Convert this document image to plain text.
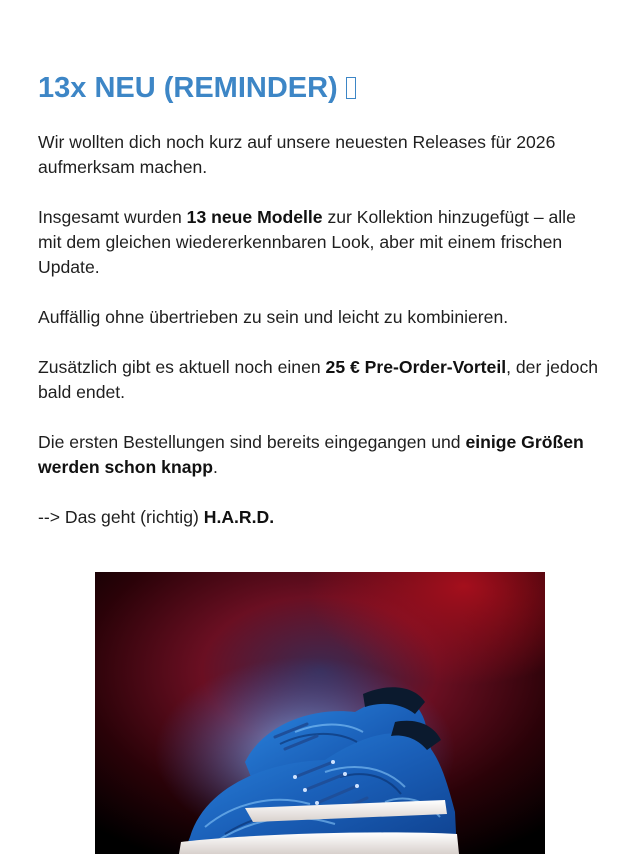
13x NEU (REMINDER)

Wir wollten dich noch kurz auf unsere neuesten Releases für 2026 aufmerksam machen.

Insgesamt wurden 13 neue Modelle zur Kollektion hinzugefügt – alle mit dem gleichen wiedererkennbaren Look, aber mit einem frischen Update.

Auffällig ohne übertrieben zu sein und leicht zu kombinieren.

Zusätzlich gibt es aktuell noch einen 25 € Pre-Order-Vorteil, der jedoch bald endet.

Die ersten Bestellungen sind bereits eingegangen und einige Größen werden schon knapp.

--> Das geht (richtig) H.A.R.D.
